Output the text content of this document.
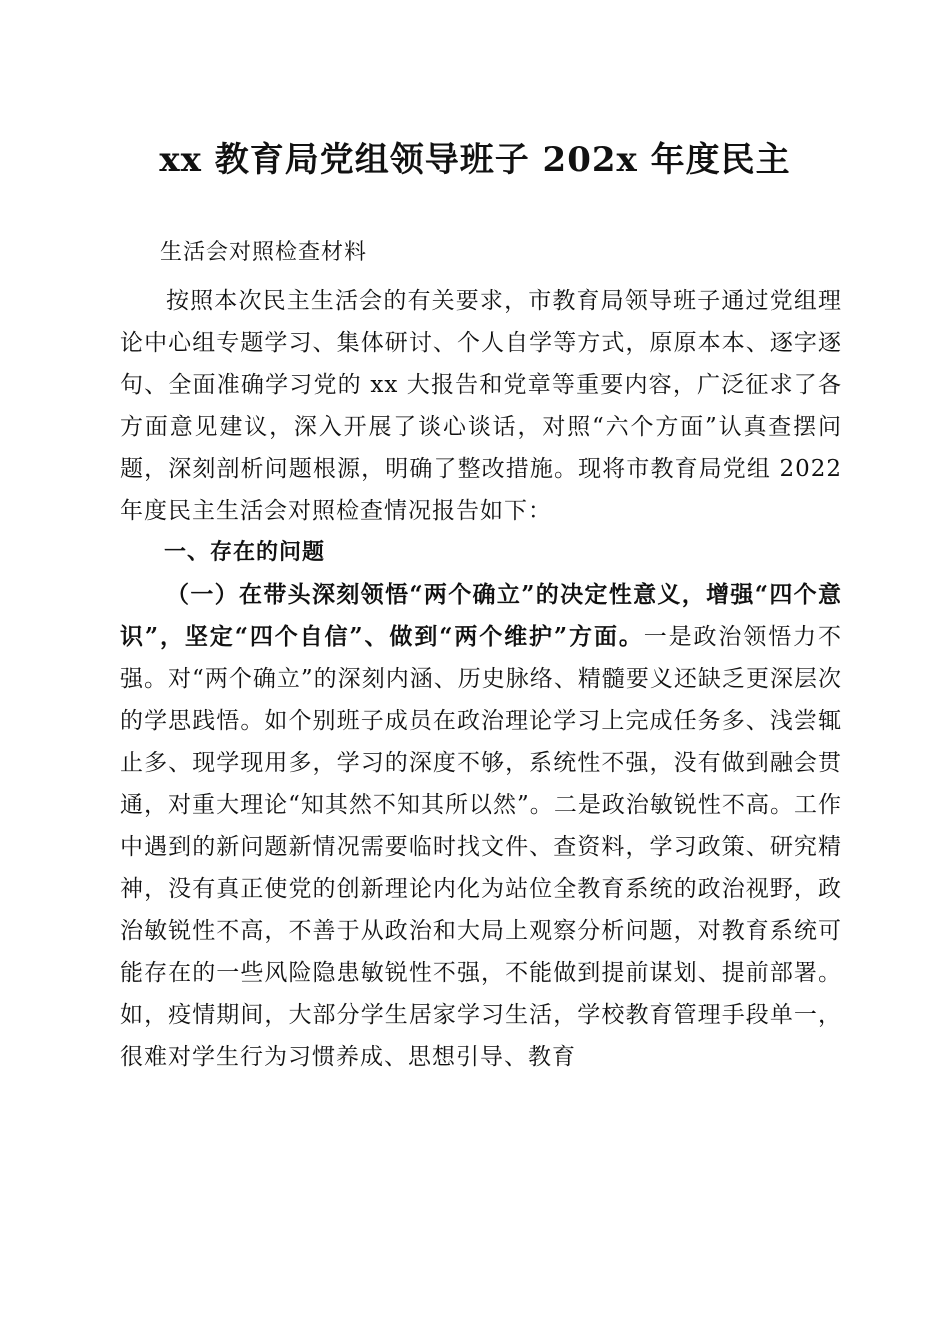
xx 教育局党组领导班子 202x 年度民主

生活会对照检查材料

按照本次民主生活会的有关要求，市教育局领导班子通过党组理论中心组专题学习、集体研讨、个人自学等方式，原原本本、逐字逐句、全面准确学习党的 xx 大报告和党章等重要内容，广泛征求了各方面意见建议，深入开展了谈心谈话，对照“六个方面”认真查摆问题，深刻剖析问题根源，明确了整改措施。现将市教育局党组 2022 年度民主生活会对照检查情况报告如下：

一、存在的问题

（一）在带头深刻领悟“两个确立”的决定性意义，增强“四个意识”，坚定“四个自信”、做到“两个维护”方面。一是政治领悟力不强。对“两个确立”的深刻内涵、历史脉络、精髓要义还缺乏更深层次的学思践悟。如个别班子成员在政治理论学习上完成任务多、浅尝辄止多、现学现用多，学习的深度不够，系统性不强，没有做到融会贯通，对重大理论“知其然不知其所以然”。二是政治敏锐性不高。工作中遇到的新问题新情况需要临时找文件、查资料，学习政策、研究精神，没有真正使党的创新理论内化为站位全教育系统的政治视野，政治敏锐性不高，不善于从政治和大局上观察分析问题，对教育系统可能存在的一些风险隐患敏锐性不强，不能做到提前谋划、提前部署。如，疫情期间，大部分学生居家学习生活，学校教育管理手段单一，很难对学生行为习惯养成、思想引导、教育
